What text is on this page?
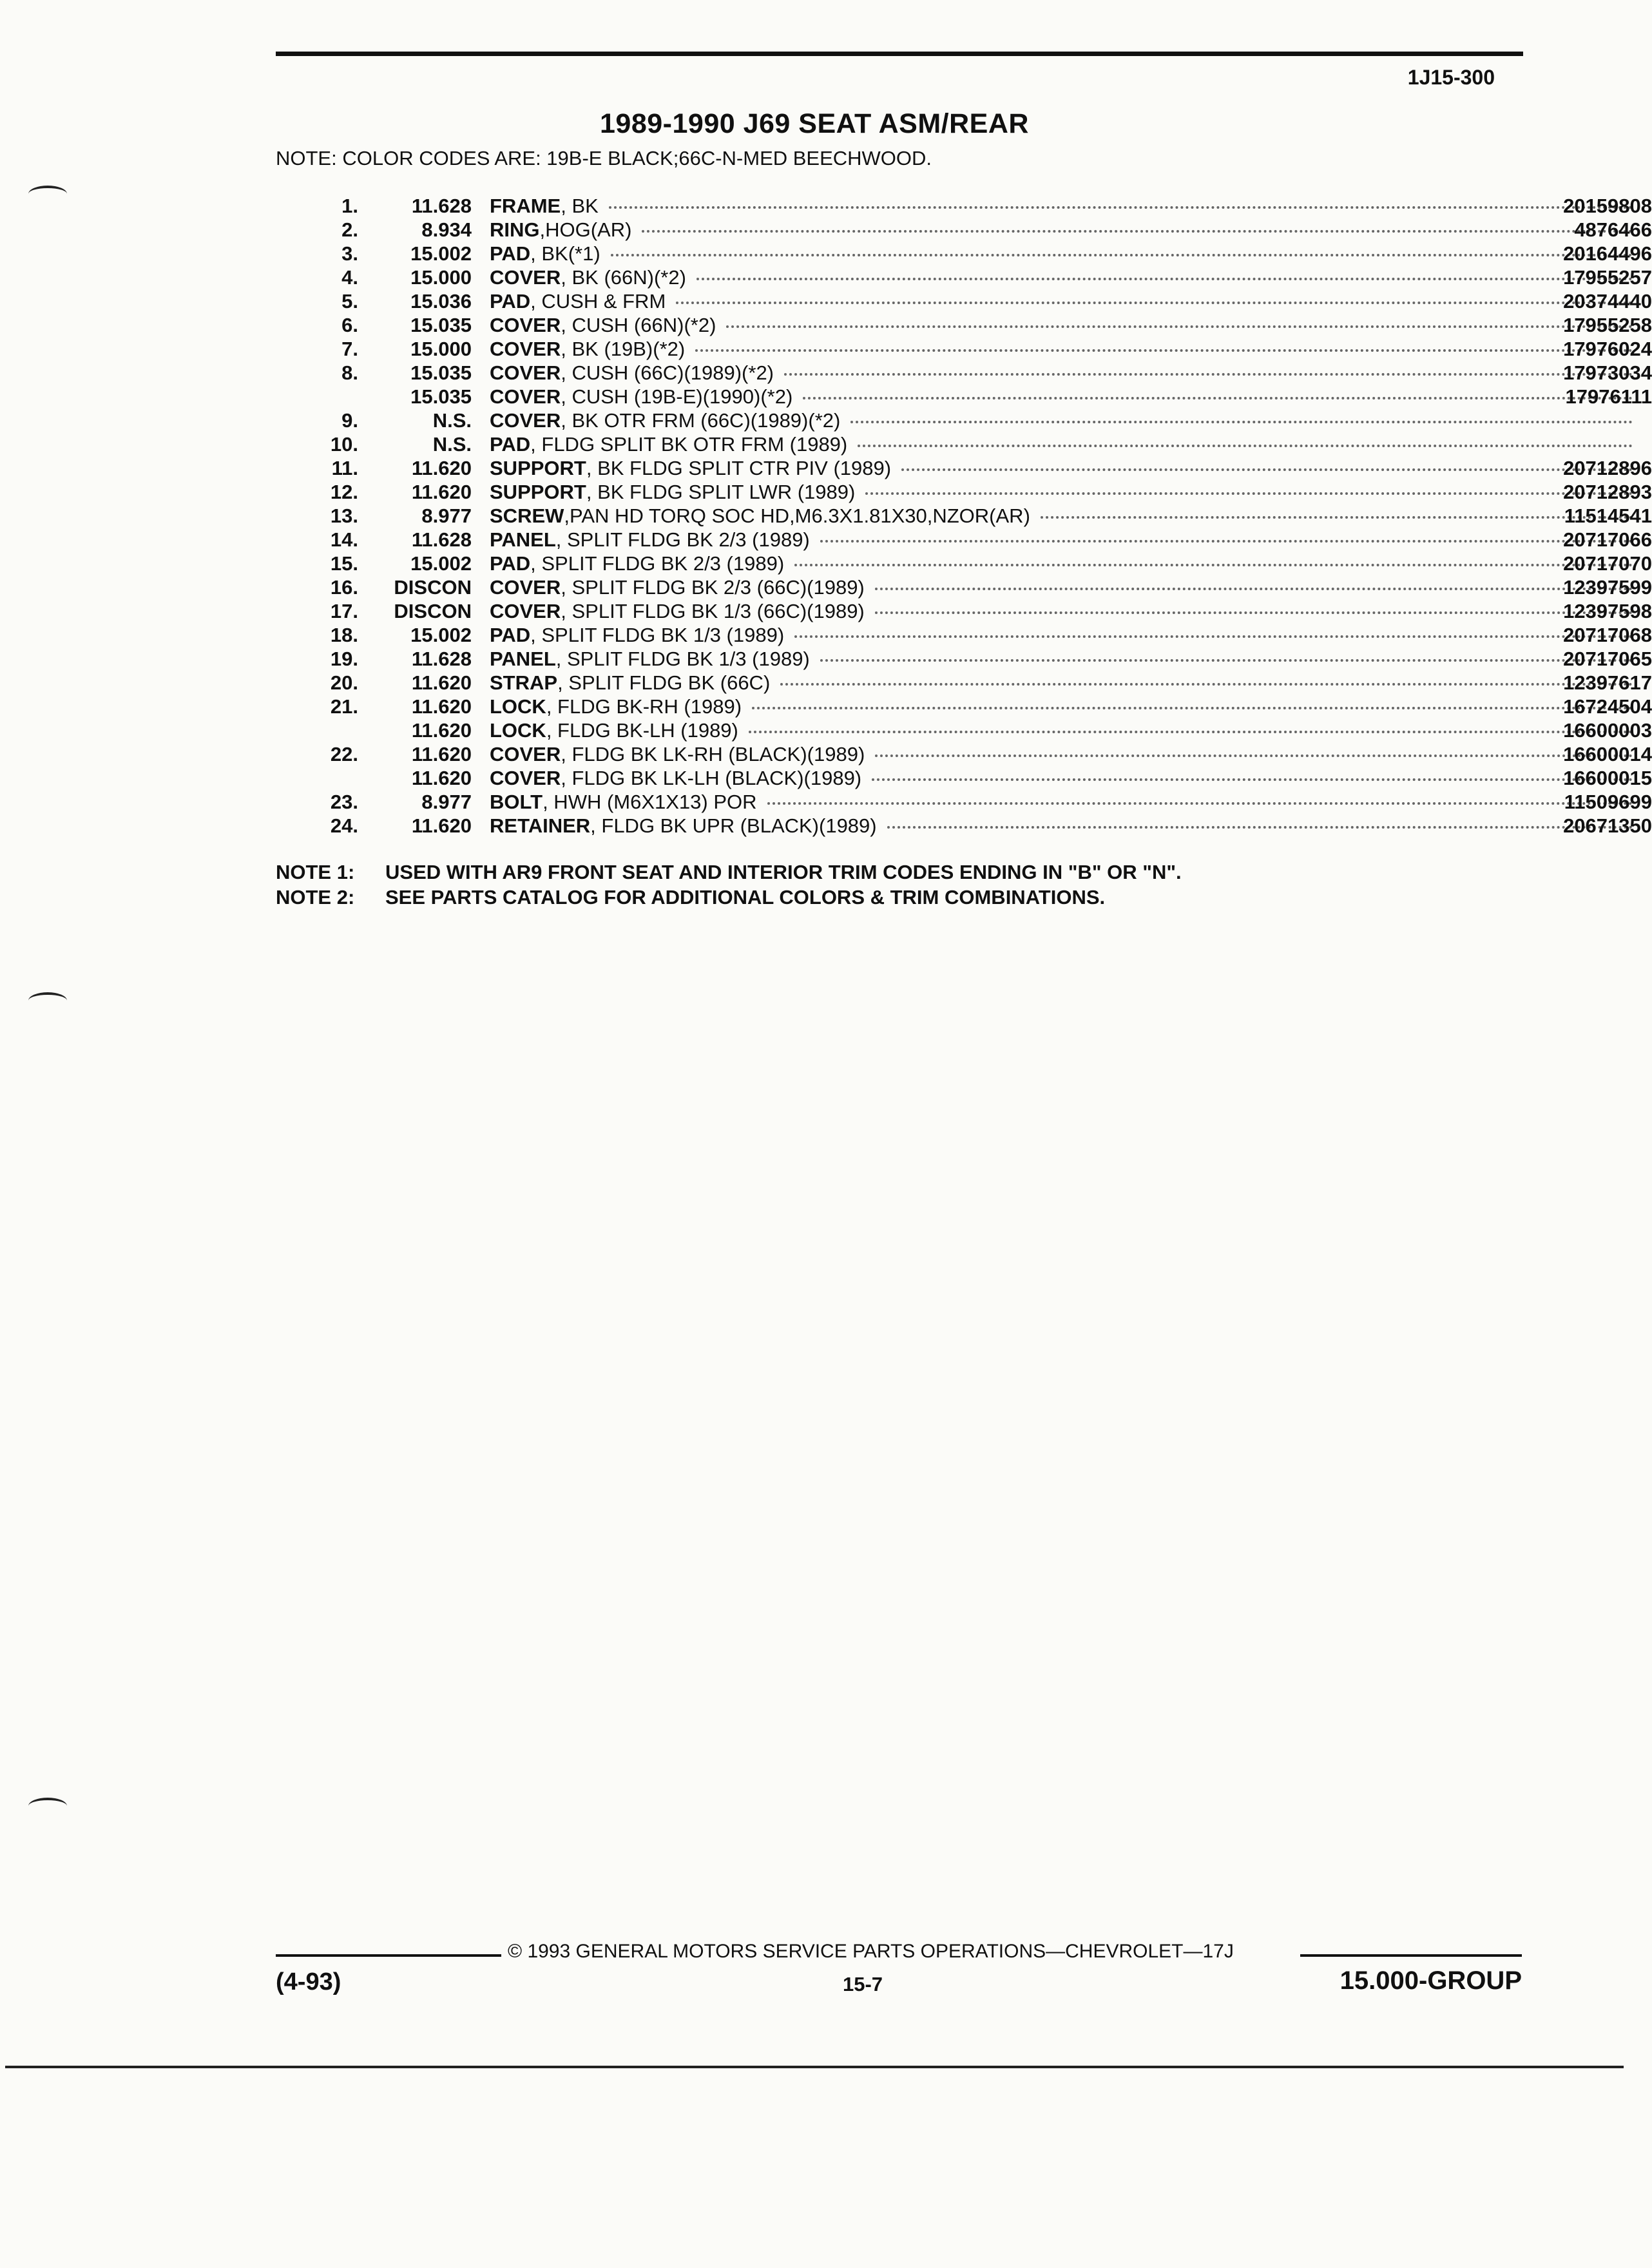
1J15-300
1989-1990 J69 SEAT ASM/REAR
NOTE: COLOR CODES ARE: 19B-E BLACK;66C-N-MED BEECHWOOD.
1.	11.628 FRAME , BK	20159808
2.	8.934 RING ,HOG(AR)	4876466
3.	15.002 PAD , BK(*1)	20164496
4.	15.000 COVER , BK (66N)(*2)	17955257
5.	15.036 PAD , CUSH & FRM	20374440
6.	15.035 COVER , CUSH (66N)(*2)	17955258
7.	15.000 COVER , BK (19B)(*2)	17976024
8.	15.035 COVER , CUSH (66C)(1989)(*2)	17973034
15.035 COVER , CUSH (19B-E)(1990)(*2)	17976111
9.	N.S. COVER , BK OTR FRM (66C)(1989)(*2)
10.	N.S. PAD , FLDG SPLIT BK OTR FRM (1989)
11.	11.620 SUPPORT , BK FLDG SPLIT CTR PIV (1989)	20712896
12.	11.620 SUPPORT , BK FLDG SPLIT LWR (1989)	20712893
13.	8.977 SCREW ,PAN HD TORQ SOC HD,M6.3X1.81X30,NZOR(AR)	11514541
14.	11.628 PANEL , SPLIT FLDG BK 2/3 (1989)	20717066
15.	15.002 PAD , SPLIT FLDG BK 2/3 (1989)	20717070
16.	DISCON COVER , SPLIT FLDG BK 2/3 (66C)(1989)	12397599
17.	DISCON COVER , SPLIT FLDG BK 1/3 (66C)(1989)	12397598
18.	15.002 PAD , SPLIT FLDG BK 1/3 (1989)	20717068
19.	11.628 PANEL , SPLIT FLDG BK 1/3 (1989)	20717065
20.	11.620 STRAP , SPLIT FLDG BK (66C)	12397617
21.	11.620 LOCK , FLDG BK-RH (1989)	16724504
11.620 LOCK , FLDG BK-LH (1989)	16600003
22.	11.620 COVER , FLDG BK LK-RH (BLACK)(1989)	16600014
11.620 COVER , FLDG BK LK-LH (BLACK)(1989)	16600015
23.	8.977 BOLT , HWH (M6X1X13) POR	11509699
24.	11.620 RETAINER , FLDG BK UPR (BLACK)(1989)	20671350
NOTE 1: USED WITH AR9 FRONT SEAT AND INTERIOR TRIM CODES ENDING IN "B" OR "N".
NOTE 2: SEE PARTS CATALOG FOR ADDITIONAL COLORS & TRIM COMBINATIONS.
© 1993 GENERAL MOTORS SERVICE PARTS OPERATIONS—CHEVROLET—17J
(4-93)	15-7	15.000-GROUP
